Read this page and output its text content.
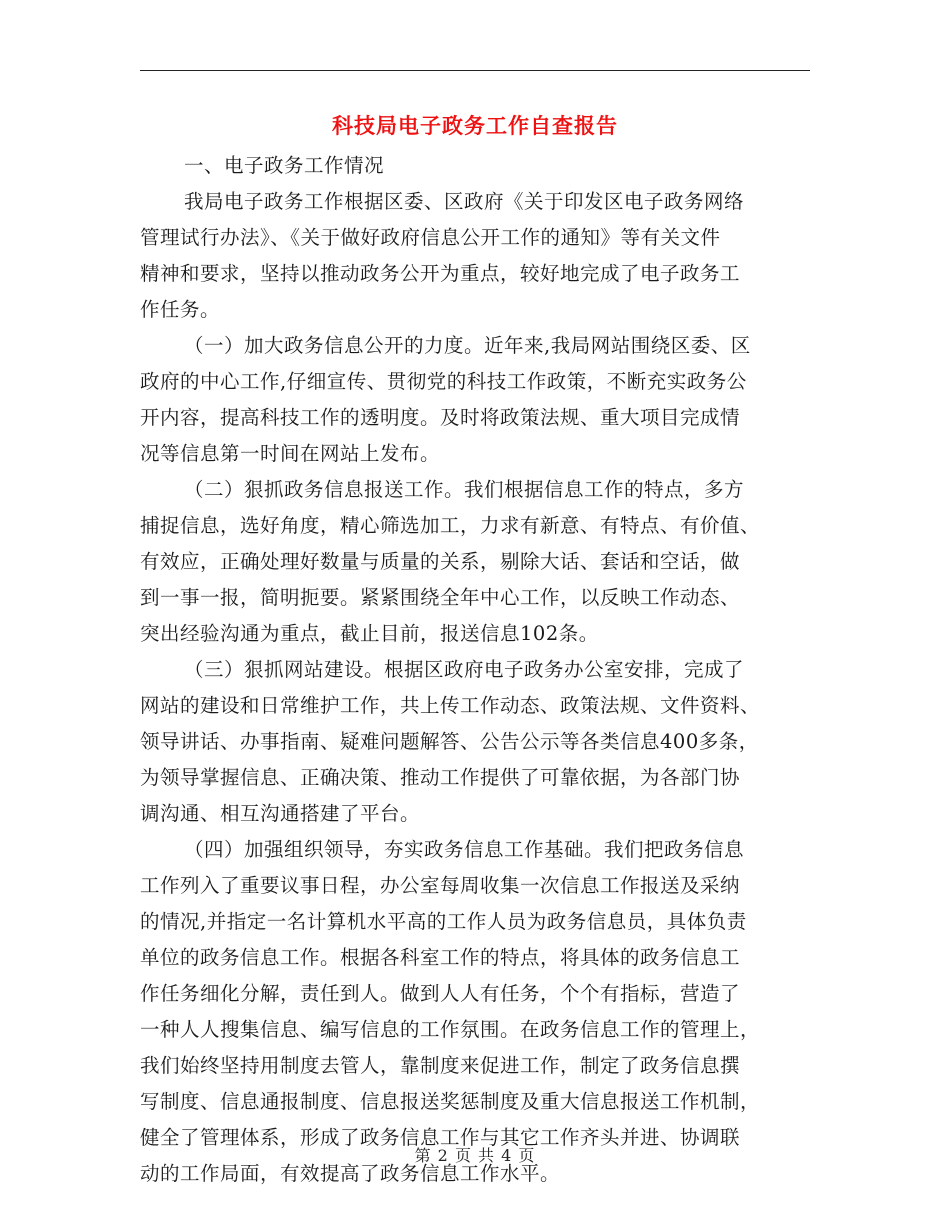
科技局电子政务工作自查报告
一、电子政务工作情况
我局电子政务工作根据区委、区政府《关于印发区电子政务网络
管理试行办法》、《关于做好政府信息公开工作的通知》等有关文件
精神和要求，坚持以推动政务公开为重点，较好地完成了电子政务工
作任务。
（一）加大政务信息公开的力度。近年来,我局网站围绕区委、区
政府的中心工作,仔细宣传、贯彻党的科技工作政策，不断充实政务公
开内容，提高科技工作的透明度。及时将政策法规、重大项目完成情
况等信息第一时间在网站上发布。
（二）狠抓政务信息报送工作。我们根据信息工作的特点，多方
捕捉信息，选好角度，精心筛选加工，力求有新意、有特点、有价值、
有效应，正确处理好数量与质量的关系，剔除大话、套话和空话，做
到一事一报，简明扼要。紧紧围绕全年中心工作，以反映工作动态、
突出经验沟通为重点，截止目前，报送信息102条。
（三）狠抓网站建设。根据区政府电子政务办公室安排，完成了
网站的建设和日常维护工作，共上传工作动态、政策法规、文件资料、
领导讲话、办事指南、疑难问题解答、公告公示等各类信息400多条，
为领导掌握信息、正确决策、推动工作提供了可靠依据，为各部门协
调沟通、相互沟通搭建了平台。
（四）加强组织领导，夯实政务信息工作基础。我们把政务信息
工作列入了重要议事日程，办公室每周收集一次信息工作报送及采纳
的情况,并指定一名计算机水平高的工作人员为政务信息员，具体负责
单位的政务信息工作。根据各科室工作的特点，将具体的政务信息工
作任务细化分解，责任到人。做到人人有任务，个个有指标，营造了
一种人人搜集信息、编写信息的工作氛围。在政务信息工作的管理上，
我们始终坚持用制度去管人，靠制度来促进工作，制定了政务信息撰
写制度、信息通报制度、信息报送奖惩制度及重大信息报送工作机制，
健全了管理体系，形成了政务信息工作与其它工作齐头并进、协调联
动的工作局面，有效提高了政务信息工作水平。
第 2 页 共 4 页
